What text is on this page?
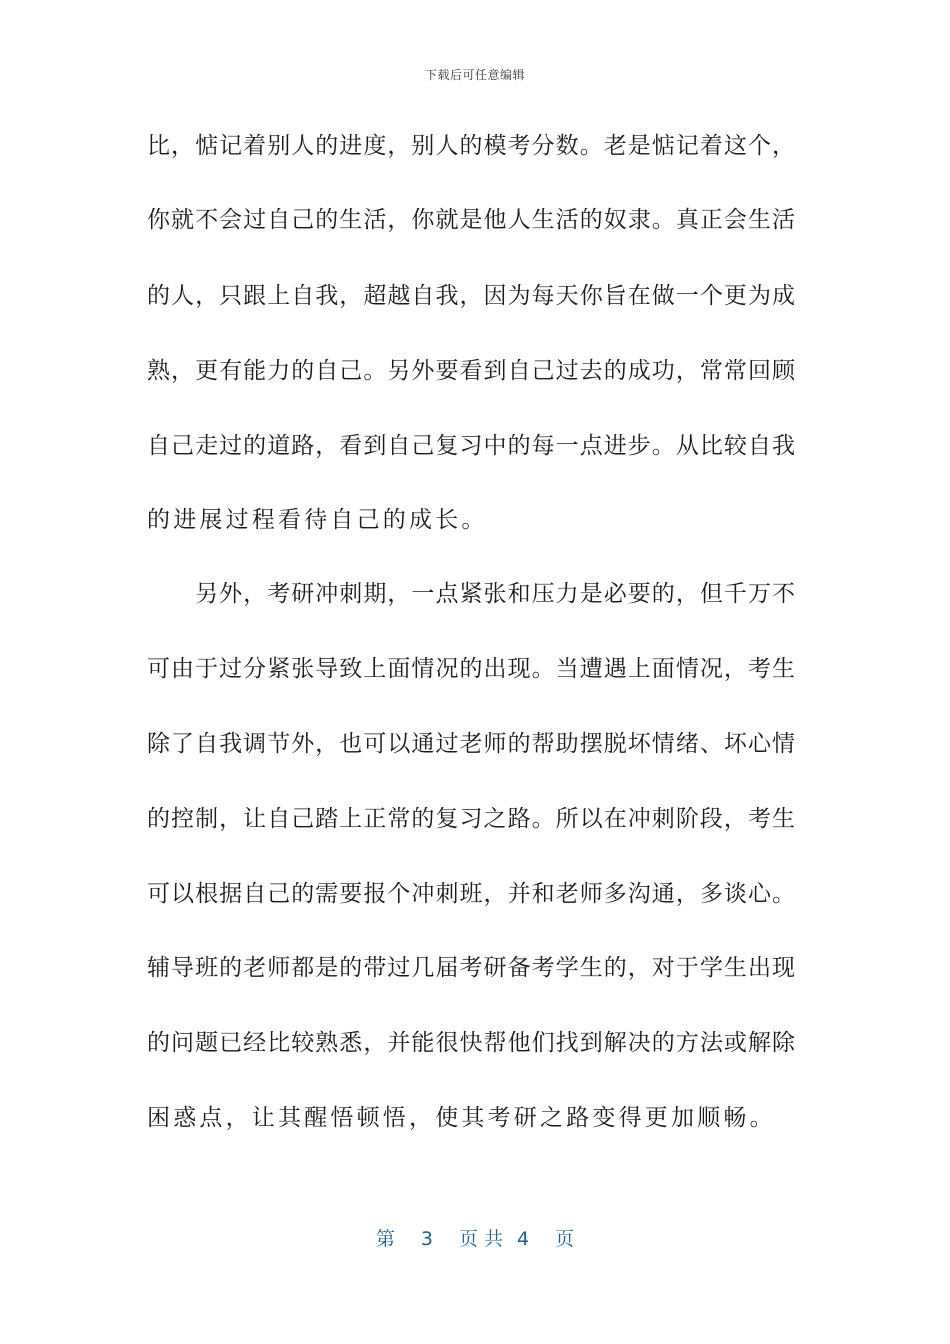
下载后可任意编辑
比，惦记着别人的进度，别人的模考分数。老是惦记着这个，
你就不会过自己的生活，你就是他人生活的奴隶。真正会生活
的人，只跟上自我，超越自我，因为每天你旨在做一个更为成
熟，更有能力的自己。另外要看到自己过去的成功，常常回顾
自己走过的道路，看到自己复习中的每一点进步。从比较自我
的进展过程看待自己的成长。
　　另外，考研冲刺期，一点紧张和压力是必要的，但千万不
可由于过分紧张导致上面情况的出现。当遭遇上面情况，考生
除了自我调节外，也可以通过老师的帮助摆脱坏情绪、坏心情
的控制，让自己踏上正常的复习之路。所以在冲刺阶段，考生
可以根据自己的需要报个冲刺班，并和老师多沟通，多谈心。
辅导班的老师都是的带过几届考研备考学生的，对于学生出现
的问题已经比较熟悉，并能很快帮他们找到解决的方法或解除
困惑点，让其醒悟顿悟，使其考研之路变得更加顺畅。
第 3 页共 4 页
